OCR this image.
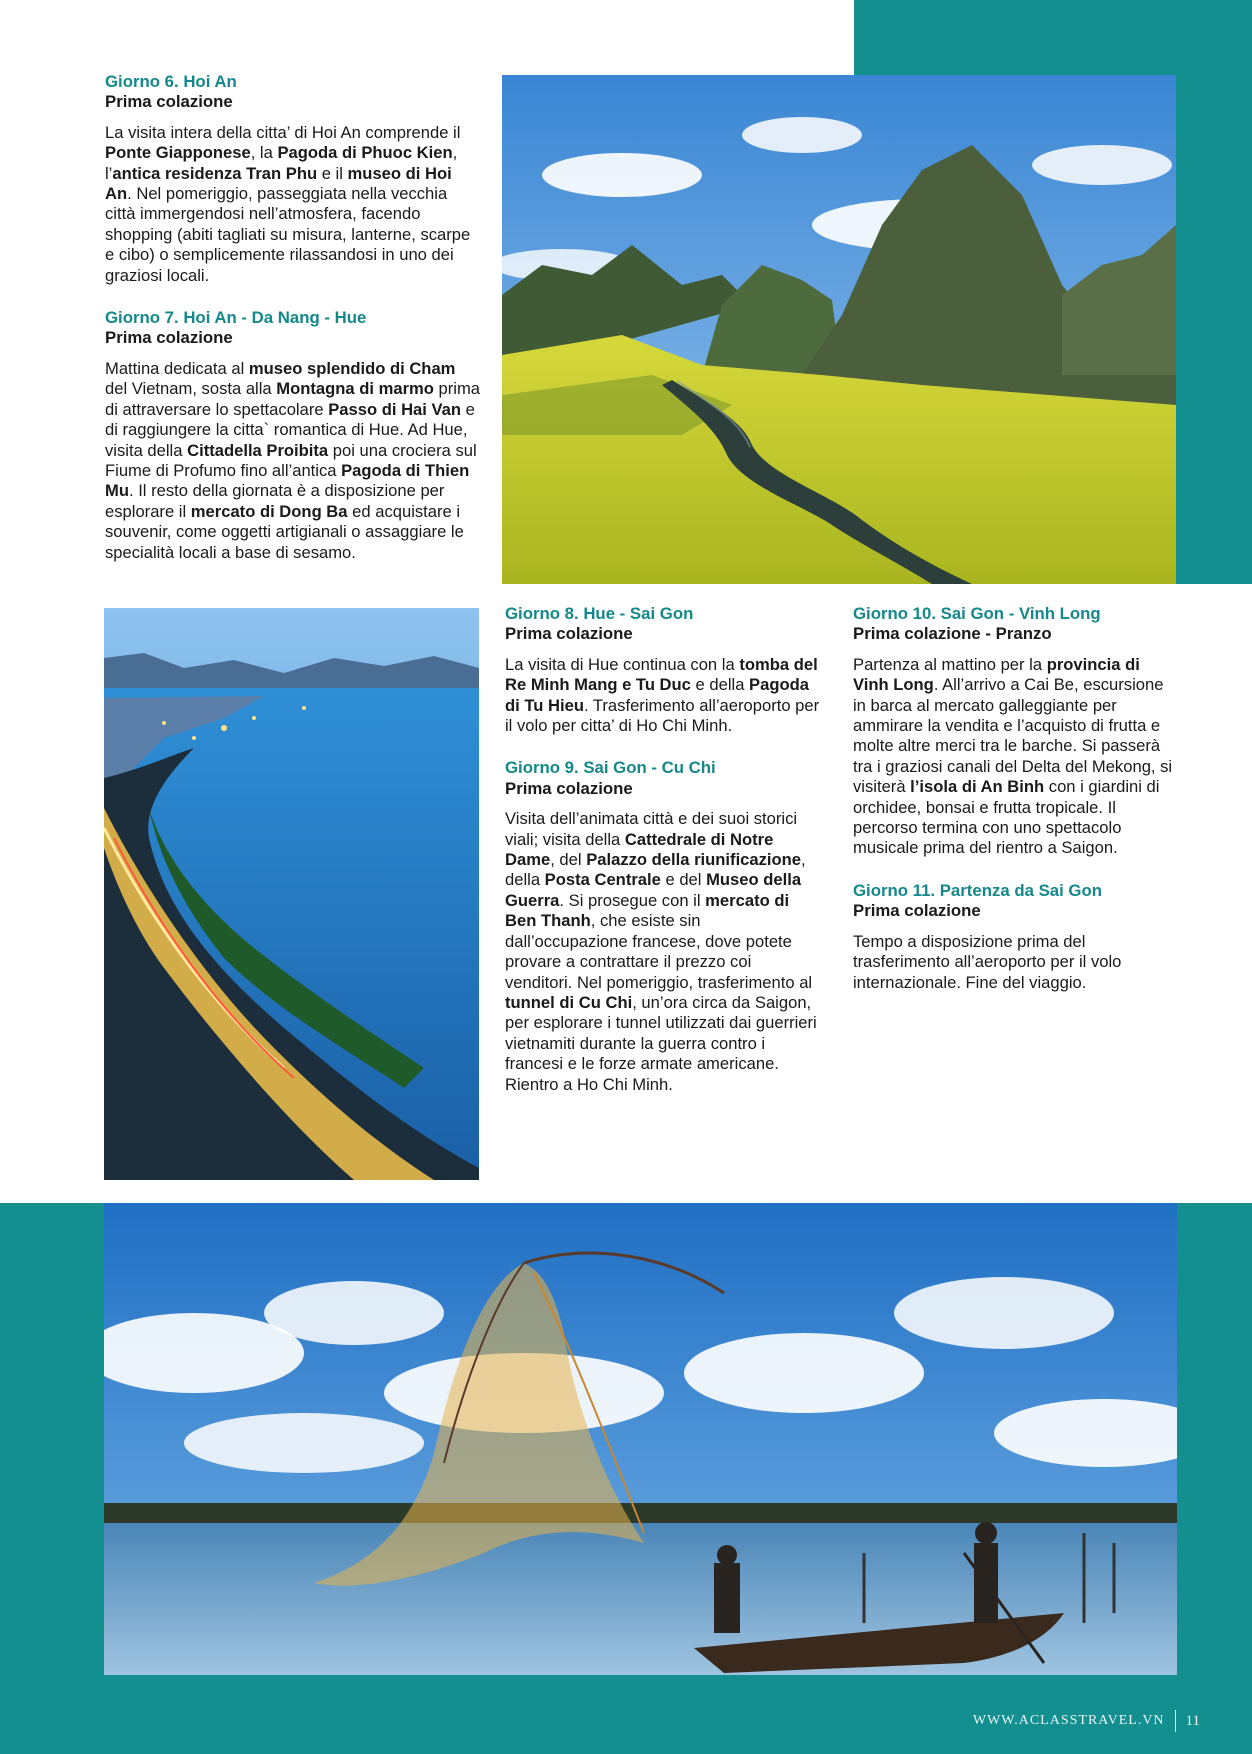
Giorno 6. Hoi An

Prima colazione

La visita intera della citta’ di Hoi An comprende il Ponte Giapponese, la Pagoda di Phuoc Kien, l’antica residenza Tran Phu e il museo di Hoi An. Nel pomeriggio, passeggiata nella vecchia città immergendosi nell’atmosfera, facendo shopping (abiti tagliati su misura, lanterne, scarpe e cibo) o semplicemente rilassandosi in uno dei graziosi locali.

Giorno 7. Hoi An - Da Nang - Hue

Prima colazione

Mattina dedicata al museo splendido di Cham del Vietnam, sosta alla Montagna di marmo prima di attraversare lo spettacolare Passo di Hai Van e di raggiungere la citta` romantica di Hue. Ad Hue, visita della Cittadella Proibita poi una crociera sul Fiume di Profumo fino all’antica Pagoda di Thien Mu. Il resto della giornata è a disposizione per esplorare il mercato di Dong Ba ed acquistare i souvenir, come oggetti artigianali o assaggiare le specialità locali a base di sesamo.

Giorno 8. Hue - Sai Gon

Prima colazione

La visita di Hue continua con la tomba del Re Minh Mang e Tu Duc e della Pagoda di Tu Hieu. Trasferimento all’aeroporto per il volo per citta’ di Ho Chi Minh.

Giorno 9. Sai Gon - Cu Chi

Prima colazione

Visita dell’animata città e dei suoi storici viali; visita della Cattedrale di Notre Dame, del Palazzo della riunificazione, della Posta Centrale e del Museo della Guerra. Si prosegue con il mercato di Ben Thanh, che esiste sin dall’occupazione francese, dove potete provare a contrattare il prezzo coi venditori. Nel pomeriggio, trasferimento al tunnel di Cu Chi, un’ora circa da Saigon, per esplorare i tunnel utilizzati dai guerrieri vietnamiti durante la guerra contro i francesi e le forze armate americane. Rientro a Ho Chi Minh.

Giorno 10. Sai Gon - Vinh Long

Prima colazione - Pranzo

Partenza al mattino per la provincia di Vinh Long. All’arrivo a Cai Be, escursione in barca al mercato galleggiante per ammirare la vendita e l’acquisto di frutta e molte altre merci tra le barche. Si passerà tra i graziosi canali del Delta del Mekong, si visiterà l’isola di An Binh con i giardini di orchidee, bonsai e frutta tropicale. Il percorso termina con uno spettacolo musicale prima del rientro a Saigon.

Giorno 11. Partenza da Sai Gon

Prima colazione

Tempo a disposizione prima del trasferimento all’aeroporto per il volo internazionale. Fine del viaggio.

WWW.ACLASSTRAVEL.VN 11
